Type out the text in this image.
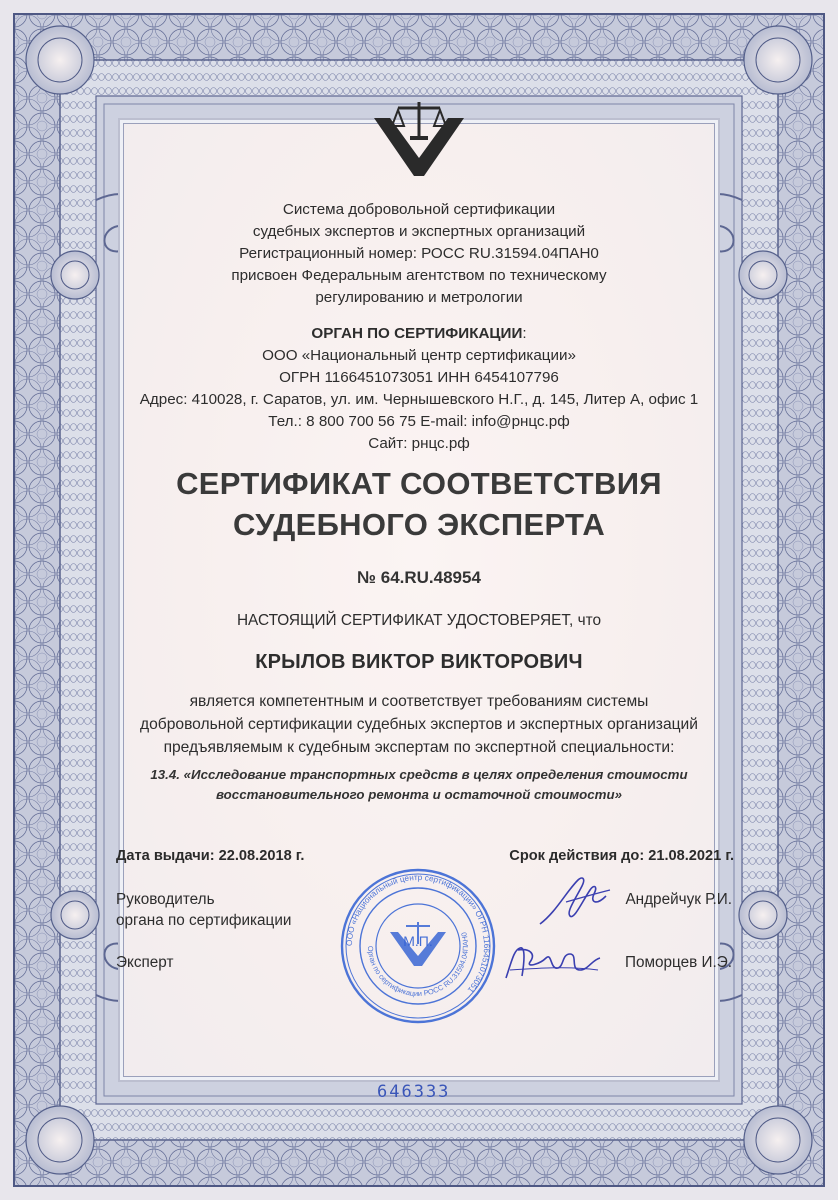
Система добровольной сертификации
судебных экспертов и экспертных организаций
Регистрационный номер: РОСС RU.31594.04ПАН0
присвоен Федеральным агентством по техническому
регулированию и метрологии
ОРГАН ПО СЕРТИФИКАЦИИ:
ООО «Национальный центр сертификации»
ОГРН 1166451073051 ИНН 6454107796
Адрес: 410028, г. Саратов, ул. им. Чернышевского Н.Г., д. 145, Литер А, офис 1
Тел.: 8 800 700 56 75 E-mail: info@рнцс.рф
Сайт: рнцс.рф
СЕРТИФИКАТ СООТВЕТСТВИЯ
СУДЕБНОГО ЭКСПЕРТА
№ 64.RU.48954
НАСТОЯЩИЙ СЕРТИФИКАТ УДОСТОВЕРЯЕТ, что
КРЫЛОВ ВИКТОР ВИКТОРОВИЧ
является компетентным и соответствует требованиям системы
добровольной сертификации судебных экспертов и экспертных организаций
предъявляемым к судебным экспертам по экспертной специальности:
13.4. «Исследование транспортных средств в целях определения стоимости
восстановительного ремонта и остаточной стоимости»
Дата выдачи: 22.08.2018 г.	Срок действия до: 21.08.2021 г.
Руководитель
органа по сертификации
Эксперт
Андрейчук Р.И.
Поморцев И.Э.
ООО «Национальный центр сертификации» ОГРН 1166451073051
Орган по сертификации РОСС RU.31594.04ПАН0
М.П.
646333
